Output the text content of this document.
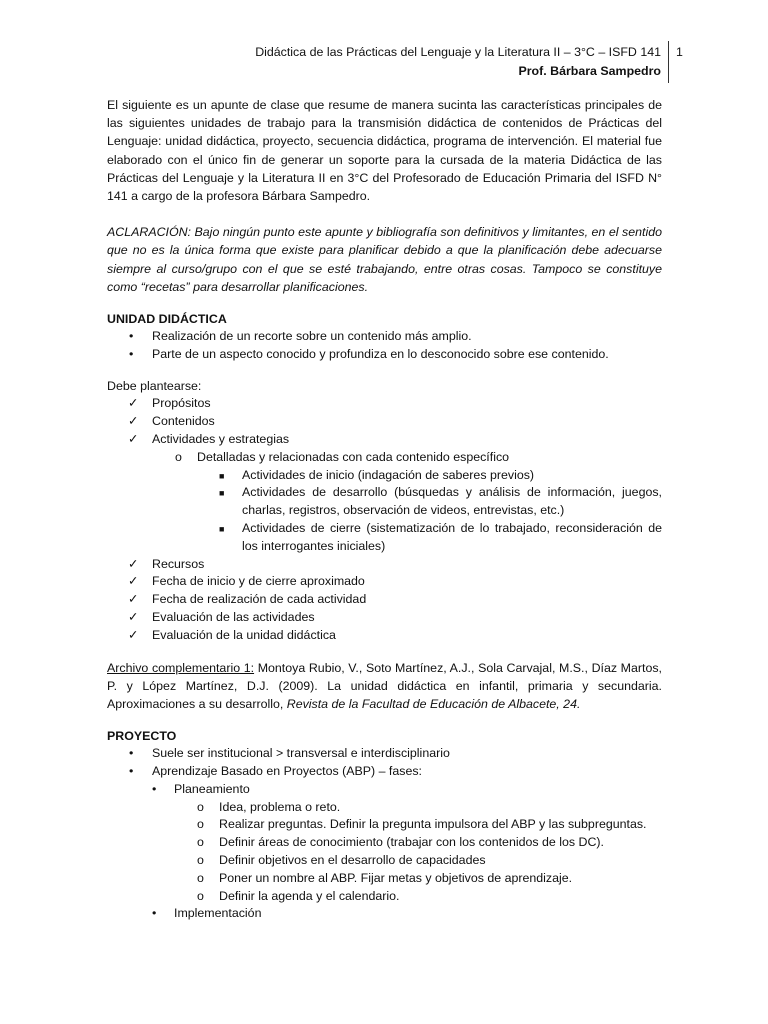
Didáctica de las Prácticas del Lenguaje y la Literatura II – 3°C – ISFD 141
Prof. Bárbara Sampedro
1

El siguiente es un apunte de clase que resume de manera sucinta las características principales de las siguientes unidades de trabajo para la transmisión didáctica de contenidos de Prácticas del Lenguaje: unidad didáctica, proyecto, secuencia didáctica, programa de intervención. El material fue elaborado con el único fin de generar un soporte para la cursada de la materia Didáctica de las Prácticas del Lenguaje y la Literatura II en 3°C del Profesorado de Educación Primaria del ISFD N° 141 a cargo de la profesora Bárbara Sampedro.

ACLARACIÓN: Bajo ningún punto este apunte y bibliografía son definitivos y limitantes, en el sentido que no es la única forma que existe para planificar debido a que la planificación debe adecuarse siempre al curso/grupo con el que se esté trabajando, entre otras cosas. Tampoco se constituye como “recetas” para desarrollar planificaciones.

UNIDAD DIDÁCTICA
• Realización de un recorte sobre un contenido más amplio.
• Parte de un aspecto conocido y profundiza en lo desconocido sobre ese contenido.
Debe plantearse:
✓ Propósitos
✓ Contenidos
✓ Actividades y estrategias
o Detalladas y relacionadas con cada contenido específico
■ Actividades de inicio (indagación de saberes previos)
■ Actividades de desarrollo (búsquedas y análisis de información, juegos, charlas, registros, observación de videos, entrevistas, etc.)
■ Actividades de cierre (sistematización de lo trabajado, reconsideración de los interrogantes iniciales)
✓ Recursos
✓ Fecha de inicio y de cierre aproximado
✓ Fecha de realización de cada actividad
✓ Evaluación de las actividades
✓ Evaluación de la unidad didáctica

Archivo complementario 1: Montoya Rubio, V., Soto Martínez, A.J., Sola Carvajal, M.S., Díaz Martos, P. y López Martínez, D.J. (2009). La unidad didáctica en infantil, primaria y secundaria. Aproximaciones a su desarrollo, Revista de la Facultad de Educación de Albacete, 24.

PROYECTO
• Suele ser institucional > transversal e interdisciplinario
• Aprendizaje Basado en Proyectos (ABP) – fases:
• Planeamiento
o Idea, problema o reto.
o Realizar preguntas. Definir la pregunta impulsora del ABP y las subpreguntas.
o Definir áreas de conocimiento (trabajar con los contenidos de los DC).
o Definir objetivos en el desarrollo de capacidades
o Poner un nombre al ABP. Fijar metas y objetivos de aprendizaje.
o Definir la agenda y el calendario.
• Implementación
